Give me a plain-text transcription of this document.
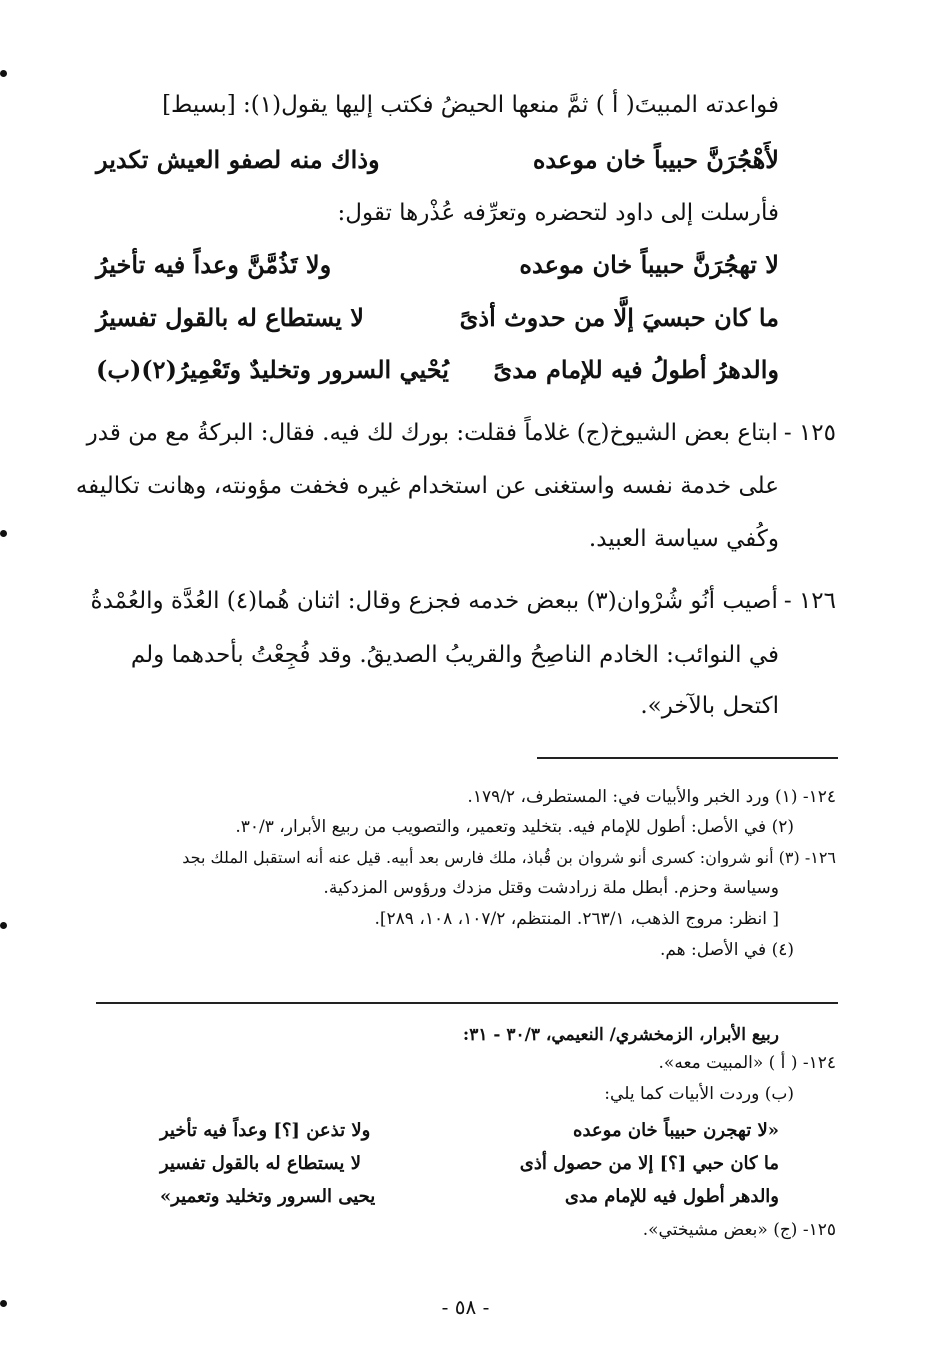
فواعدته المبيتَ( أ ) ثمَّ منعها الحيضُ فكتب إليها يقول(١): [بسيط]
لأَهْجُرَنَّ حبيباً خان موعده
وذاك منه لصفو العيش تكدير
فأرسلت إلى داود لتحضره وتعرِّفه عُذْرها تقول:
لا تهجُرَنَّ حبيباً خان موعده
ولا تَذُمَّنَّ وعداً فيه تأخيرُ
ما كان حبسيَ إلَّا من حدوث أذىً
لا يستطاع له بالقول تفسيرُ
والدهرُ أطولُ فيه للإمام مدىً
يُحْيي السرور وتخليدٌ وتَعْمِيرُ(٢)(ب)
١٢٥ -ابتاع بعض الشيوخ(ج) غلاماً فقلت: بورك لك فيه. فقال: البركةُ مع من قدر
على خدمة نفسه واستغنى عن استخدام غيره فخفت مؤونته، وهانت تكاليفه
وكُفي سياسة العبيد.
١٢٦ -أصيب أنُو شُرْوان(٣) ببعض خدمه فجزع وقال: اثنان هُما(٤) العُدَّة والعُمْدةُ
في النوائب: الخادم الناصِحُ والقريبُ الصديقُ. وقد فُجِعْتُ بأحدهما ولم
اكتحل بالآخر».
١٢٤- (١) ورد الخبر والأبيات في: المستطرف، ١٧٩/٢.
(٢) في الأصل: أطول للإمام فيه. بتخليد وتعمير، والتصويب من ربيع الأبرار، ٣٠/٣.
١٢٦- (٣) أنو شروان: كسرى أنو شروان بن قُباذ، ملك فارس بعد أبيه. قيل عنه أنه استقبل الملك بجد
وسياسة وحزم. أبطل ملة زرادشت وقتل مزدك ورؤوس المزدكية.
[ انظر: مروج الذهب، ٢٦٣/١. المنتظم، ١٠٧/٢، ١٠٨، ٢٨٩].
(٤) في الأصل: هم.
ربيع الأبرار، الزمخشري/ النعيمي، ٣٠/٣ - ٣١:
١٢٤- ( أ ) «المبيت معه».
(ب) وردت الأبيات كما يلي:
«لا تهجرن حبيباً خان موعده
ولا تذعن [؟] وعداً فيه تأخير
ما كان حبي [؟] إلا من حصول أذى
لا يستطاع له بالقول تفسير
والدهر أطول فيه للإمام مدى
يحيى السرور وتخليد وتعمير»
١٢٥- (ج) «بعض مشيختي».
- ٥٨ -
